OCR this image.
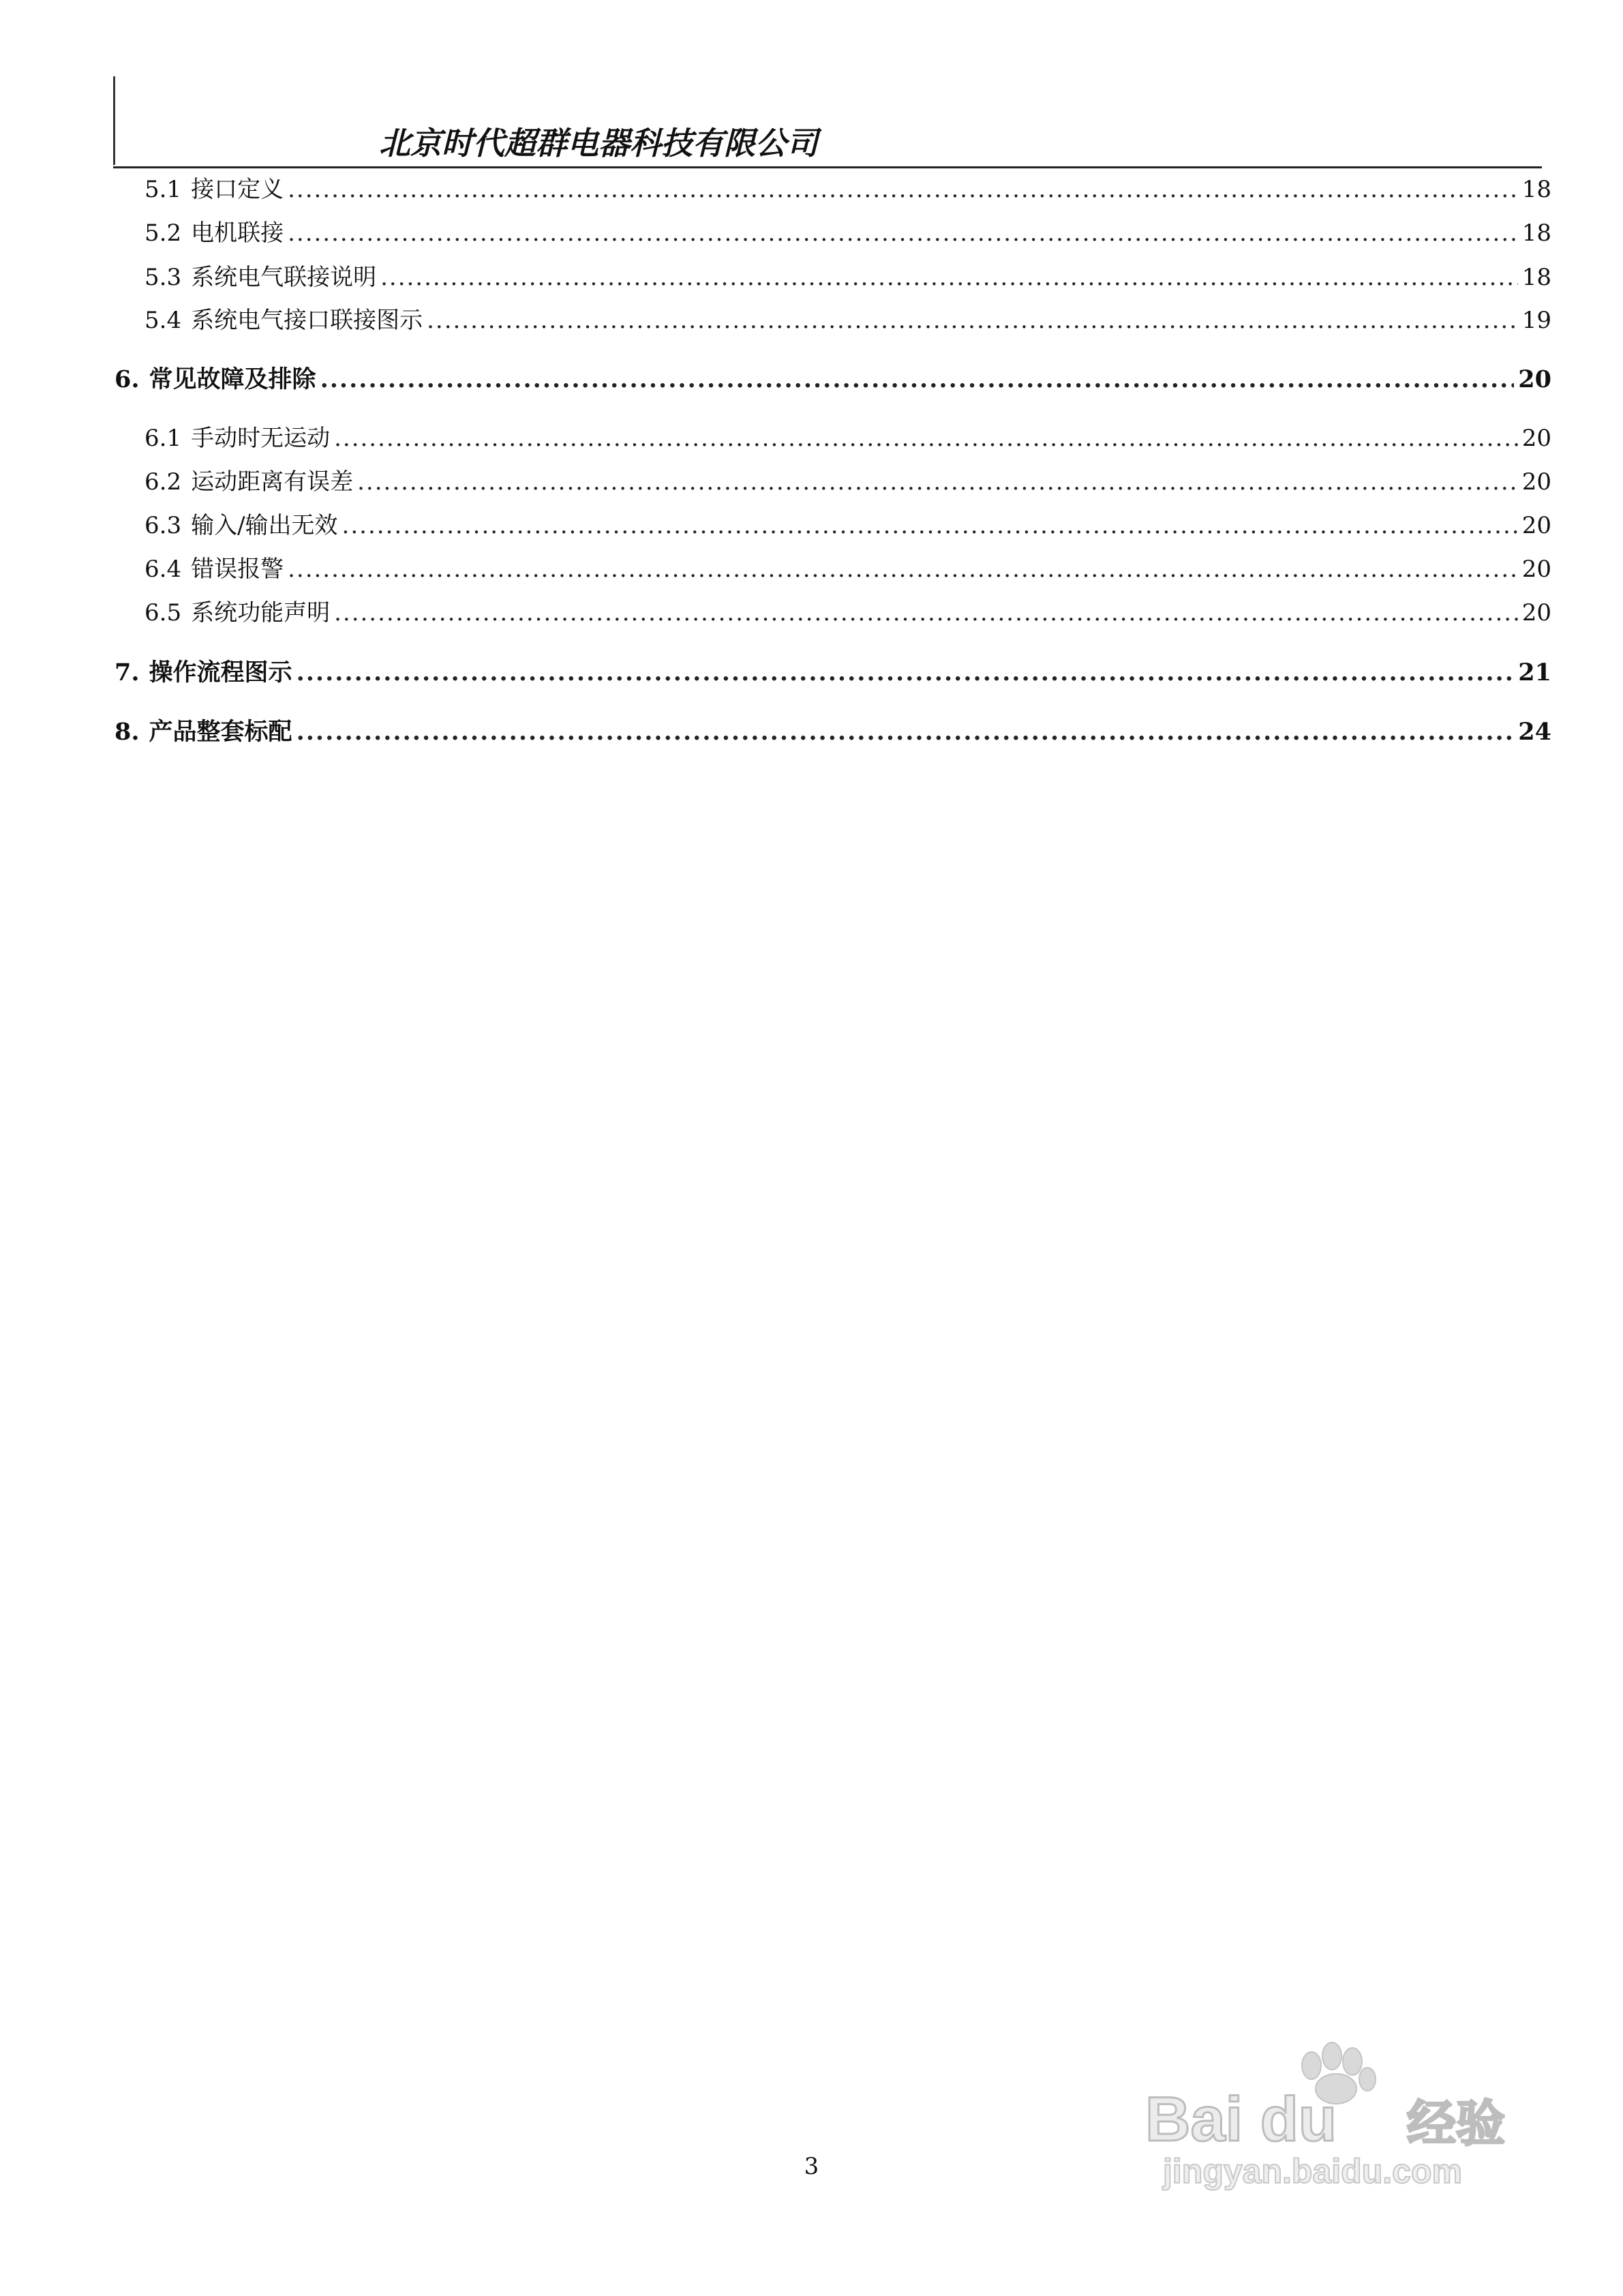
北京时代超群电器科技有限公司
5.1 接口定义 .....	18
5.2 电机联接 .....	18
5.3 系统电气联接说明 .....	18
5.4 系统电气接口联接图示 .....	19
6. 常见故障及排除 .....	20
6.1 手动时无运动 .....	20
6.2 运动距离有误差 .....	20
6.3 输入/输出无效 .....	20
6.4 错误报警 .....	20
6.5 系统功能声明 .....	20
7. 操作流程图示 .....	21
8. 产品整套标配 .....	24
3
Bai du 经验
jingyan.baidu.com
